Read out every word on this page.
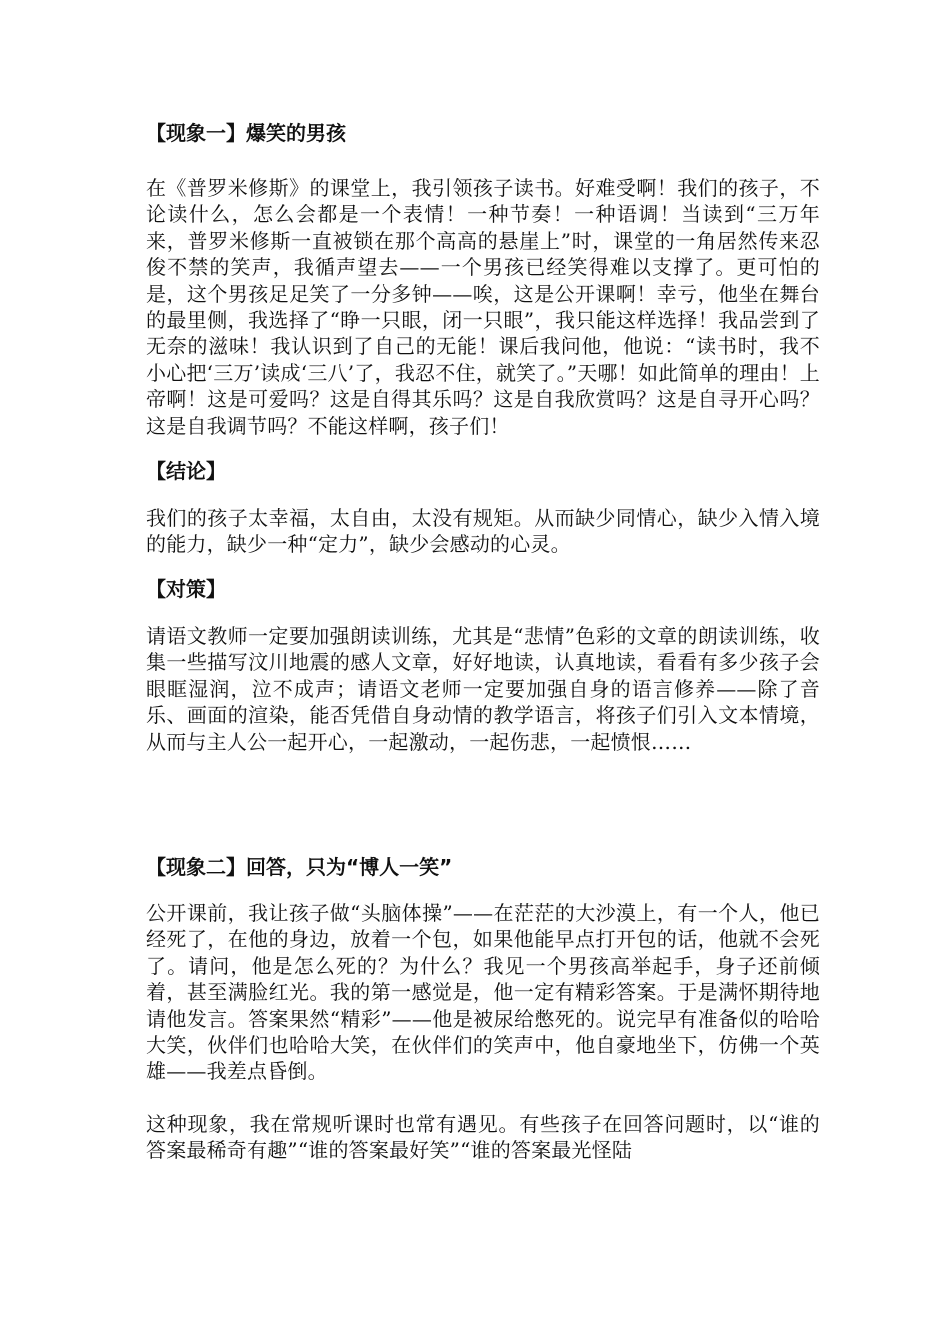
【现象一】爆笑的男孩

在《普罗米修斯》的课堂上，我引领孩子读书。好难受啊！我们的孩子，不论读什么，怎么会都是一个表情！一种节奏！一种语调！当读到“三万年来，普罗米修斯一直被锁在那个高高的悬崖上”时，课堂的一角居然传来忍俊不禁的笑声，我循声望去——一个男孩已经笑得难以支撑了。更可怕的是，这个男孩足足笑了一分多钟——唉，这是公开课啊！幸亏，他坐在舞台的最里侧，我选择了“睁一只眼，闭一只眼”，我只能这样选择！我品尝到了无奈的滋味！我认识到了自己的无能！课后我问他，他说：“读书时，我不小心把‘三万’读成‘三八’了，我忍不住，就笑了。”天哪！如此简单的理由！上帝啊！这是可爱吗？这是自得其乐吗？这是自我欣赏吗？这是自寻开心吗？这是自我调节吗？不能这样啊，孩子们！

【结论】

我们的孩子太幸福，太自由，太没有规矩。从而缺少同情心，缺少入情入境的能力，缺少一种“定力”，缺少会感动的心灵。

【对策】

请语文教师一定要加强朗读训练，尤其是“悲情”色彩的文章的朗读训练，收集一些描写汶川地震的感人文章，好好地读，认真地读，看看有多少孩子会眼眶湿润，泣不成声；请语文老师一定要加强自身的语言修养——除了音乐、画面的渲染，能否凭借自身动情的教学语言，将孩子们引入文本情境，从而与主人公一起开心，一起激动，一起伤悲，一起愤恨……

【现象二】回答，只为“博人一笑”

公开课前，我让孩子做“头脑体操”——在茫茫的大沙漠上，有一个人，他已经死了，在他的身边，放着一个包，如果他能早点打开包的话，他就不会死了。请问，他是怎么死的？为什么？我见一个男孩高举起手，身子还前倾着，甚至满脸红光。我的第一感觉是，他一定有精彩答案。于是满怀期待地请他发言。答案果然“精彩”——他是被尿给憋死的。说完早有准备似的哈哈大笑，伙伴们也哈哈大笑，在伙伴们的笑声中，他自豪地坐下，仿佛一个英雄——我差点昏倒。

这种现象，我在常规听课时也常有遇见。有些孩子在回答问题时，以“谁的答案最稀奇有趣”“谁的答案最好笑”“谁的答案最光怪陆
